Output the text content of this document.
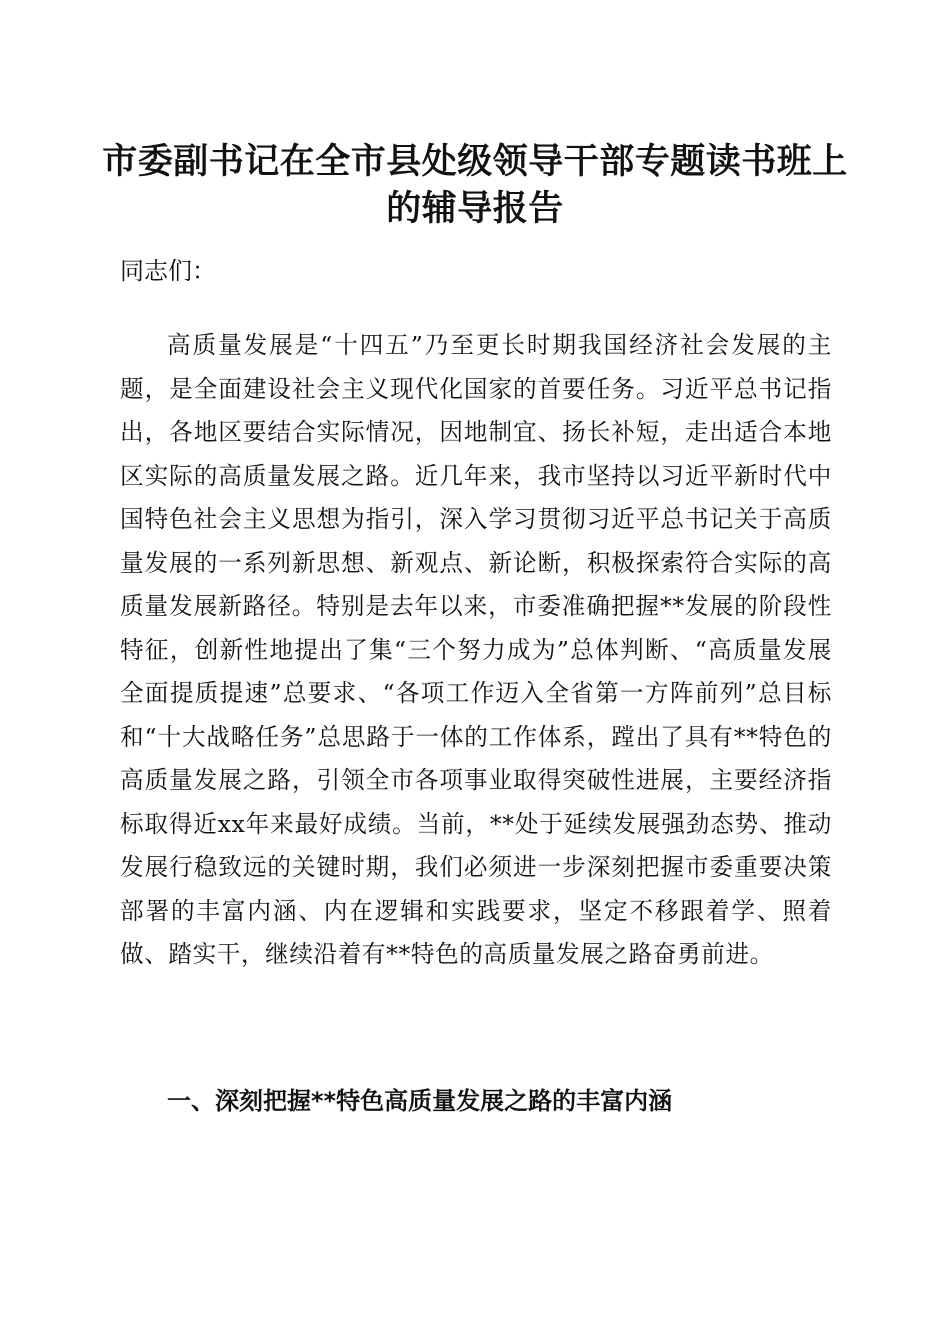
市委副书记在全市县处级领导干部专题读书班上的辅导报告

同志们：

高质量发展是“十四五”乃至更长时期我国经济社会发展的主题，是全面建设社会主义现代化国家的首要任务。习近平总书记指出，各地区要结合实际情况，因地制宜、扬长补短，走出适合本地区实际的高质量发展之路。近几年来，我市坚持以习近平新时代中国特色社会主义思想为指引，深入学习贯彻习近平总书记关于高质量发展的一系列新思想、新观点、新论断，积极探索符合实际的高质量发展新路径。特别是去年以来，市委准确把握**发展的阶段性特征，创新性地提出了集“三个努力成为”总体判断、“高质量发展全面提质提速”总要求、“各项工作迈入全省第一方阵前列”总目标和“十大战略任务”总思路于一体的工作体系，蹚出了具有**特色的高质量发展之路，引领全市各项事业取得突破性进展，主要经济指标取得近xx年来最好成绩。当前，**处于延续发展强劲态势、推动发展行稳致远的关键时期，我们必须进一步深刻把握市委重要决策部署的丰富内涵、内在逻辑和实践要求，坚定不移跟着学、照着做、踏实干，继续沿着有**特色的高质量发展之路奋勇前进。

一、深刻把握**特色高质量发展之路的丰富内涵
